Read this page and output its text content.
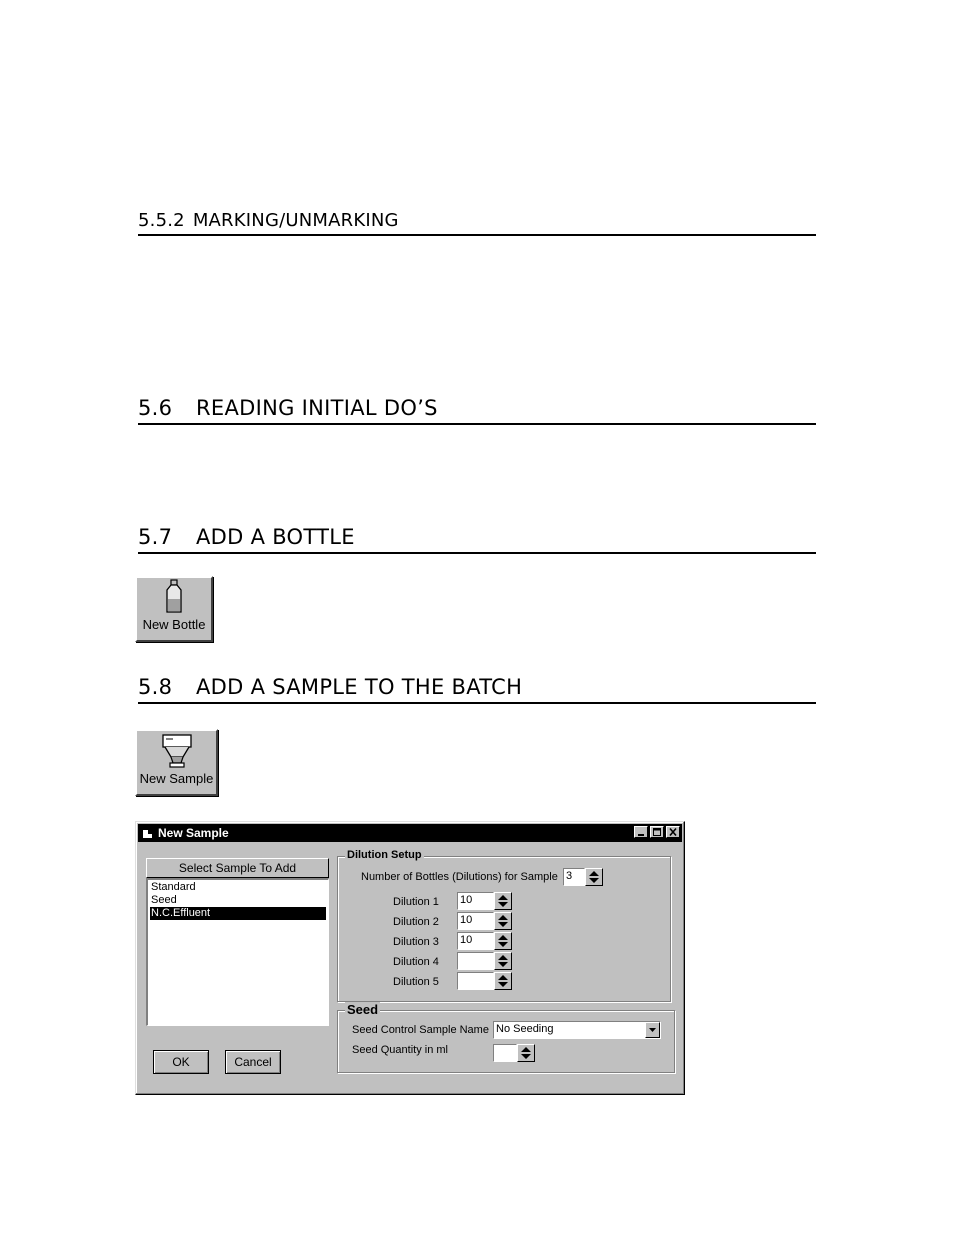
5.5.2 MARKING/UNMARKING
5.6 READING INITIAL DO’S
5.7 ADD A BOTTLE
New Bottle
5.8 ADD A SAMPLE TO THE BATCH
New Sample
New Sample
Select Sample To Add
Standard
Seed
N.C.Effluent
OK	Cancel
Dilution Setup
Number of Bottles (Dilutions) for Sample 3
Dilution 1 10
Dilution 2 10
Dilution 3 10
Dilution 4
Dilution 5
Seed
Seed Control Sample Name No Seeding
Seed Quantity in ml
